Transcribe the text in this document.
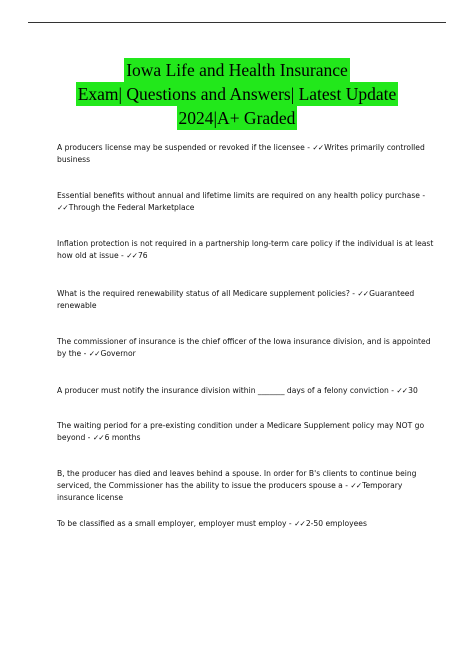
Iowa Life and Health Insurance
Exam| Questions and Answers| Latest Update
2024|A+ Graded
A producers license may be suspended or revoked if the licensee - ✓✓Writes primarily controlled business
Essential benefits without annual and lifetime limits are required on any health policy purchase - ✓✓Through the Federal Marketplace
Inflation protection is not required in a partnership long-term care policy if the individual is at least how old at issue - ✓✓76
What is the required renewability status of all Medicare supplement policies? - ✓✓Guaranteed renewable
The commissioner of insurance is the chief officer of the Iowa insurance division, and is appointed by the - ✓✓Governor
A producer must notify the insurance division within _______ days of a felony conviction - ✓✓30
The waiting period for a pre-existing condition under a Medicare Supplement policy may NOT go beyond - ✓✓6 months
B, the producer has died and leaves behind a spouse. In order for B's clients to continue being serviced, the Commissioner has the ability to issue the producers spouse a - ✓✓Temporary insurance license
To be classified as a small employer, employer must employ - ✓✓2-50 employees
